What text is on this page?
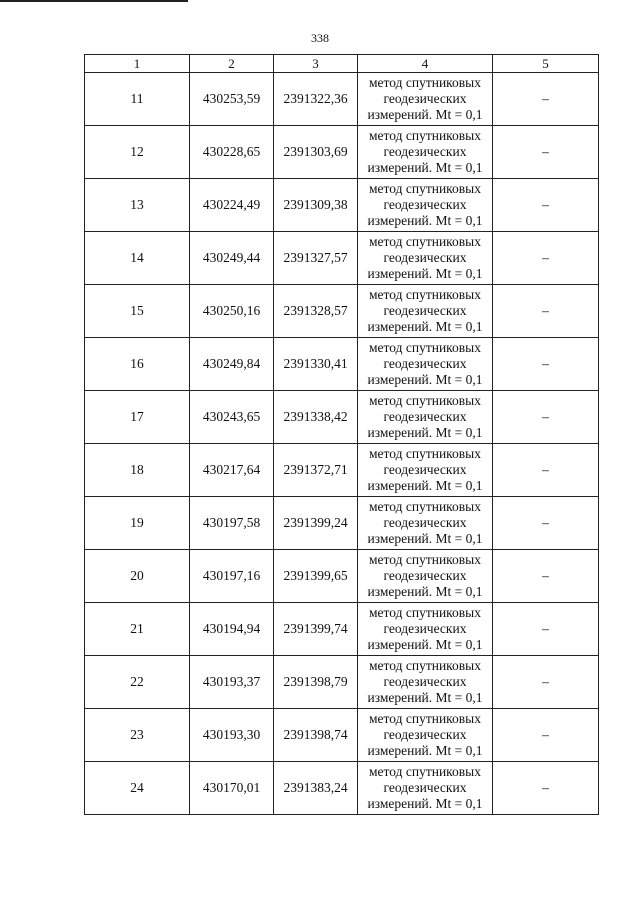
338
1	2	3	4	5
11	430253,59	2391322,36	метод спутниковых
геодезических
измерений. Mt = 0,1	–
12	430228,65	2391303,69	метод спутниковых
геодезических
измерений. Mt = 0,1	–
13	430224,49	2391309,38	метод спутниковых
геодезических
измерений. Mt = 0,1	–
14	430249,44	2391327,57	метод спутниковых
геодезических
измерений. Mt = 0,1	–
15	430250,16	2391328,57	метод спутниковых
геодезических
измерений. Mt = 0,1	–
16	430249,84	2391330,41	метод спутниковых
геодезических
измерений. Mt = 0,1	–
17	430243,65	2391338,42	метод спутниковых
геодезических
измерений. Mt = 0,1	–
18	430217,64	2391372,71	метод спутниковых
геодезических
измерений. Mt = 0,1	–
19	430197,58	2391399,24	метод спутниковых
геодезических
измерений. Mt = 0,1	–
20	430197,16	2391399,65	метод спутниковых
геодезических
измерений. Mt = 0,1	–
21	430194,94	2391399,74	метод спутниковых
геодезических
измерений. Mt = 0,1	–
22	430193,37	2391398,79	метод спутниковых
геодезических
измерений. Mt = 0,1	–
23	430193,30	2391398,74	метод спутниковых
геодезических
измерений. Mt = 0,1	–
24	430170,01	2391383,24	метод спутниковых
геодезических
измерений. Mt = 0,1	–
